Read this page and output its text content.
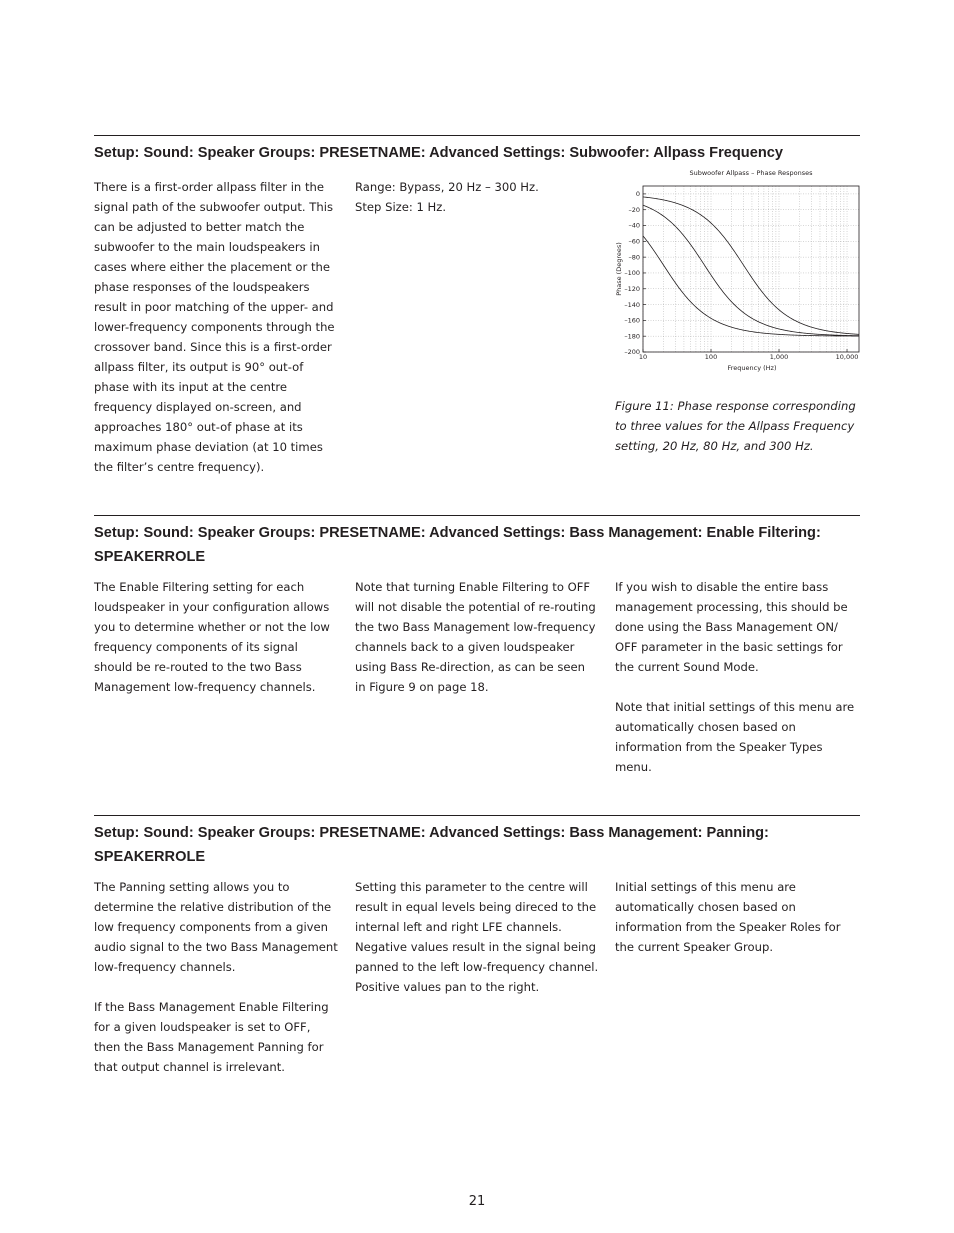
Setup: Sound: Speaker Groups: PRESETNAME: Advanced Settings: Subwoofer: Allpass Frequency

There is a first-order allpass filter in the signal path of the subwoofer output. This can be adjusted to better match the subwoofer to the main loudspeakers in cases where either the placement or the phase responses of the loudspeakers result in poor matching of the upper- and lower-frequency components through the crossover band. Since this is a first-order allpass filter, its output is 90° out-of phase with its input at the centre frequency displayed on-screen, and approaches 180° out-of phase at its maximum phase deviation (at 10 times the filter’s centre frequency).

Range: Bypass, 20 Hz – 300 Hz.

Step Size: 1 Hz.

Subwoofer Allpass – Phase Responses
0
–20
–40
–60
–80
–100
–120
–140
–160
–180
–200
10	100	1,000	10,000
Frequency (Hz)
Phase (Degrees)

Figure 11: Phase response corresponding to three values for the Allpass Frequency setting, 20 Hz, 80 Hz, and 300 Hz.

Setup: Sound: Speaker Groups: PRESETNAME: Advanced Settings: Bass Management: Enable Filtering: SPEAKERROLE

The Enable Filtering setting for each loudspeaker in your configuration allows you to determine whether or not the low frequency components of its signal should be re-routed to the two Bass Management low-frequency channels.

Note that turning Enable Filtering to OFF will not disable the potential of re-routing the two Bass Management low-frequency channels back to a given loudspeaker using Bass Re-direction, as can be seen in Figure 9 on page 18.

If you wish to disable the entire bass management processing, this should be done using the Bass Management ON/ OFF parameter in the basic settings for the current Sound Mode.

Note that initial settings of this menu are automatically chosen based on information from the Speaker Types menu.

Setup: Sound: Speaker Groups: PRESETNAME: Advanced Settings: Bass Management: Panning: SPEAKERROLE

The Panning setting allows you to determine the relative distribution of the low frequency components from a given audio signal to the two Bass Management low-frequency channels.

If the Bass Management Enable Filtering for a given loudspeaker is set to OFF, then the Bass Management Panning for that output channel is irrelevant.

Setting this parameter to the centre will result in equal levels being direced to the internal left and right LFE channels. Negative values result in the signal being panned to the left low-frequency channel. Positive values pan to the right.

Initial settings of this menu are automatically chosen based on information from the Speaker Roles for the current Speaker Group.

21
